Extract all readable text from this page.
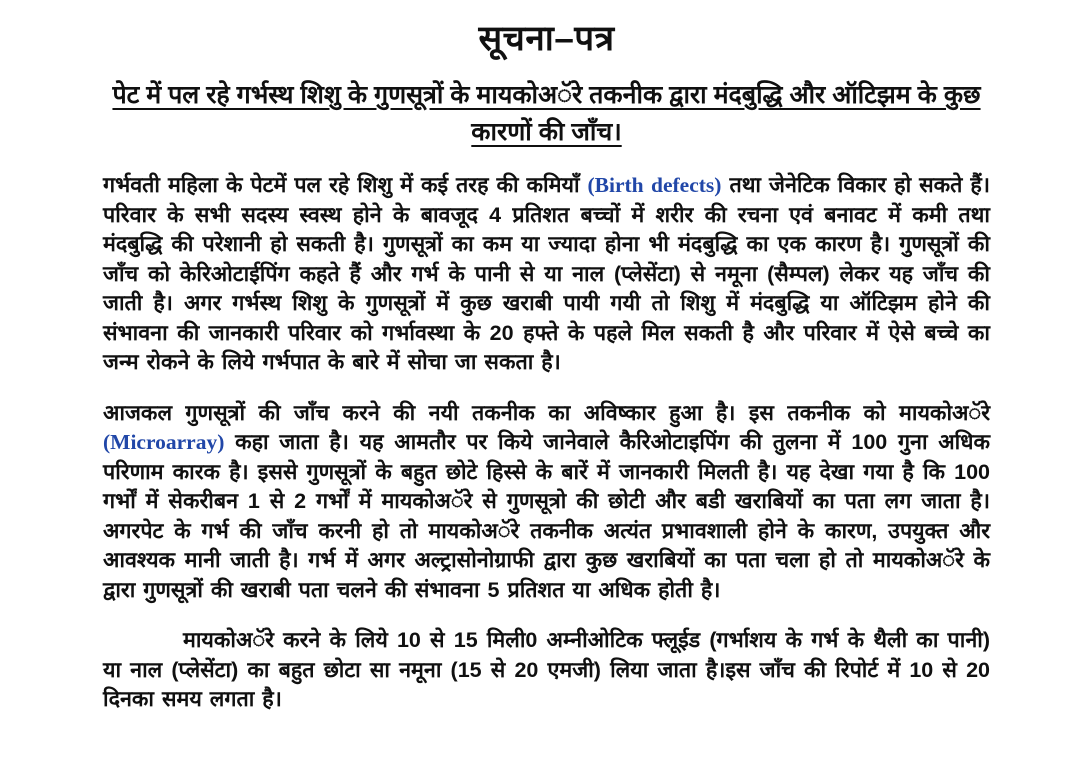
सूचना–पत्र
पेट में पल रहे गर्भस्थ शिशु के गुणसूत्रों के मायकोअॅरे तकनीक द्वारा मंदबुद्धि और ऑटिझम के कुछ कारणों की जाँच।

गर्भवती महिला के पेटमें पल रहे शिशु में कई तरह की कमियाँ (Birth defects) तथा जेनेटिक विकार हो सकते हैं। परिवार के सभी सदस्य स्वस्थ होने के बावजूद 4 प्रतिशत बच्चों में शरीर की रचना एवं बनावट में कमी तथा मंदबुद्धि की परेशानी हो सकती है। गुणसूत्रों का कम या ज्यादा होना भी मंदबुद्धि का एक कारण है। गुणसूत्रों की जाँच को केरिओटाईपिंग कहते हैं और गर्भ के पानी से या नाल (प्लेसेंटा) से नमूना (सैम्पल) लेकर यह जाँच की जाती है। अगर गर्भस्थ शिशु के गुणसूत्रों में कुछ खराबी पायी गयी तो शिशु में मंदबुद्धि या ऑटिझम होने की संभावना की जानकारी परिवार को गर्भावस्था के 20 हफ्ते के पहले मिल सकती है और परिवार में ऐसे बच्चे का जन्म रोकने के लिये गर्भपात के बारे में सोचा जा सकता है।

आजकल गुणसूत्रों की जाँच करने की नयी तकनीक का अविष्कार हुआ है। इस तकनीक को मायकोअॅरे (Microarray) कहा जाता है। यह आमतौर पर किये जानेवाले कैरिओटाइपिंग की तुलना में 100 गुना अधिक परिणाम कारक है। इससे गुणसूत्रों के बहुत छोटे हिस्से के बारें में जानकारी मिलती है। यह देखा गया है कि 100 गर्भों में सेकरीबन 1 से 2 गर्भों में मायकोअॅरे से गुणसूत्रो की छोटी और बडी खराबियों का पता लग जाता है। अगरपेट के गर्भ की जाँच करनी हो तो मायकोअॅरे तकनीक अत्यंत प्रभावशाली होने के कारण, उपयुक्त और आवश्यक मानी जाती है। गर्भ में अगर अल्ट्रासोनोग्राफी द्वारा कुछ खराबियों का पता चला हो तो मायकोअॅरे के द्वारा गुणसूत्रों की खराबी पता चलने की संभावना 5 प्रतिशत या अधिक होती है।

मायकोअॅरे करने के लिये 10 से 15 मिली0 अम्नीओटिक फ्लूईड (गर्भाशय के गर्भ के थैली का पानी) या नाल (प्लेसेंटा) का बहुत छोटा सा नमूना (15 से 20 एमजी) लिया जाता है।इस जाँच की रिपोर्ट में 10 से 20 दिनका समय लगता है।
